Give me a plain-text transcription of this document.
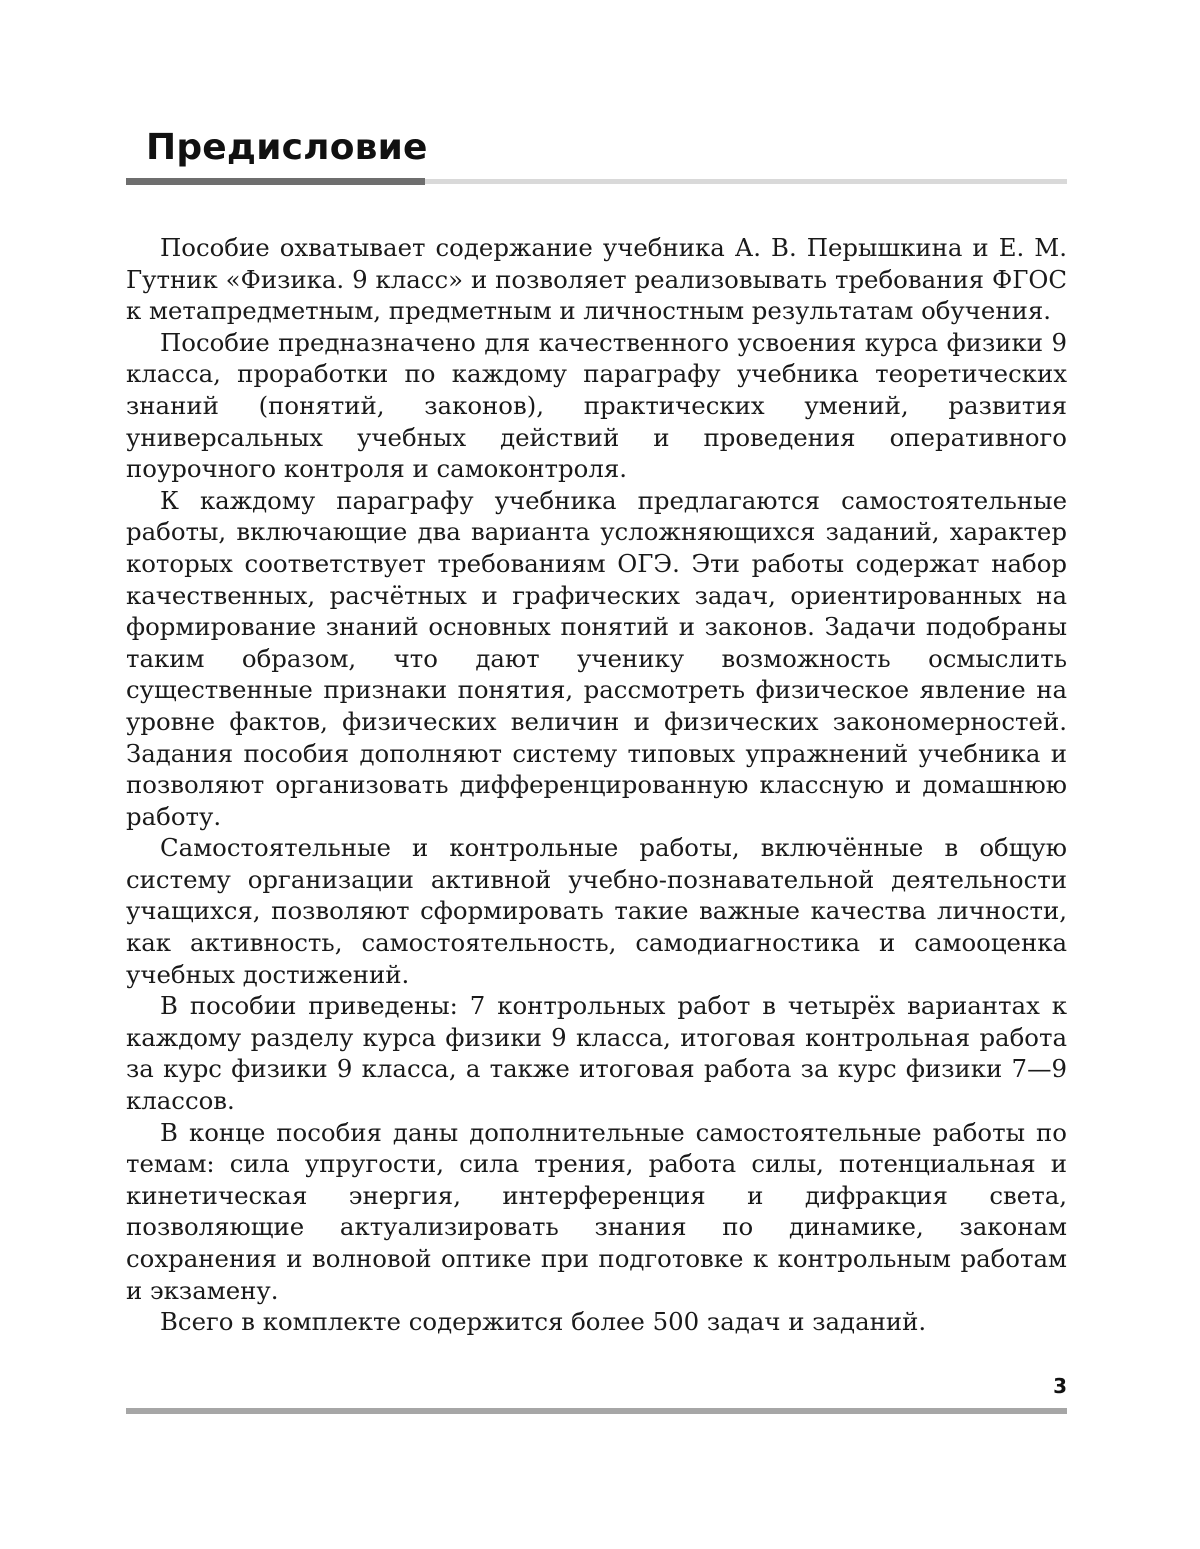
Предисловие

Пособие охватывает содержание учебника А. В. Перышкина и Е. М. Гутник «Физика. 9 класс» и позволяет реализовывать требования ФГОС к метапредметным, предметным и личностным результатам обучения.

Пособие предназначено для качественного усвоения курса физики 9 класса, проработки по каждому параграфу учебника теоретических знаний (понятий, законов), практических умений, развития универсальных учебных действий и проведения оперативного поурочного контроля и самоконтроля.

К каждому параграфу учебника предлагаются самостоятельные работы, включающие два варианта усложняющихся заданий, характер которых соответствует требованиям ОГЭ. Эти работы содержат набор качественных, расчётных и графических задач, ориентированных на формирование знаний основных понятий и законов. Задачи подобраны таким образом, что дают ученику возможность осмыслить существенные признаки понятия, рассмотреть физическое явление на уровне фактов, физических величин и физических закономерностей. Задания пособия дополняют систему типовых упражнений учебника и позволяют организовать дифференцированную классную и домашнюю работу.

Самостоятельные и контрольные работы, включённые в общую систему организации активной учебно-познавательной деятельности учащихся, позволяют сформировать такие важные качества личности, как активность, самостоятельность, самодиагностика и самооценка учебных достижений.

В пособии приведены: 7 контрольных работ в четырёх вариантах к каждому разделу курса физики 9 класса, итоговая контрольная работа за курс физики 9 класса, а также итоговая работа за курс физики 7—9 классов.

В конце пособия даны дополнительные самостоятельные работы по темам: сила упругости, сила трения, работа силы, потенциальная и кинетическая энергия, интерференция и дифракция света, позволяющие актуализировать знания по динамике, законам сохранения и волновой оптике при подготовке к контрольным работам и экзамену.

Всего в комплекте содержится более 500 задач и заданий.

3
